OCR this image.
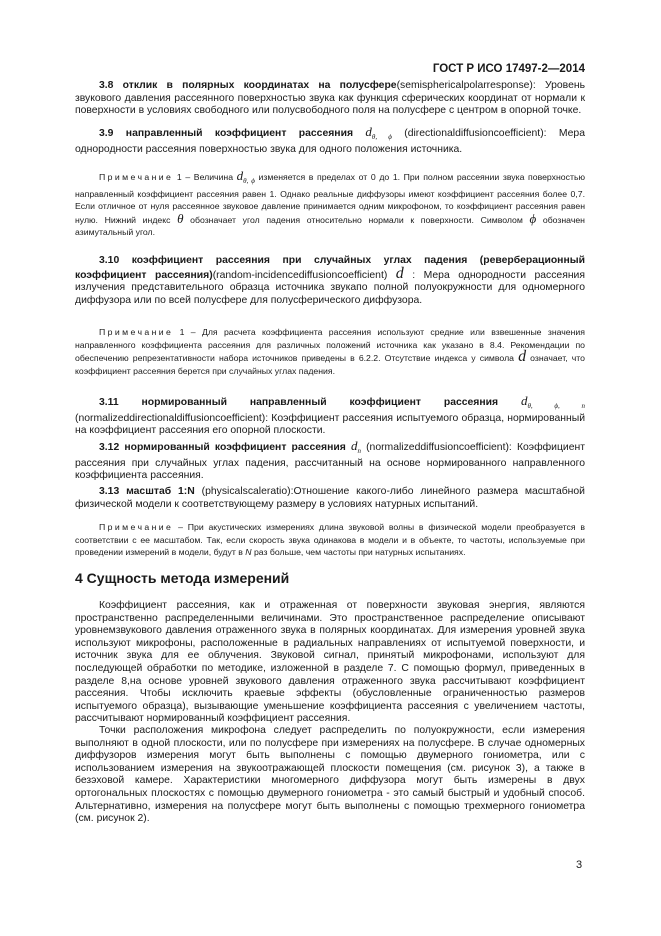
ГОСТ Р ИСО 17497-2—2014
3.8 отклик в полярных координатах на полусфере(semisphericalpolarresponse): Уровень звукового давления рассеянного поверхностью звука как функция сферических координат от нормали к поверхности в условиях свободного или полусвободного поля на полусфере с центром в опорной точке.
3.9 направленный коэффициент рассеяния $d_{\theta, \phi}$ (directionaldiffusioncoefficient): Мера однородности рассеяния поверхностью звука для одного положения источника.
Примечание 1 – Величина $d_{\theta, \phi}$ изменяется в пределах от 0 до 1. При полном рассеянии звука поверхностью направленный коэффициент рассеяния равен 1. Однако реальные диффузоры имеют коэффициент рассеяния более 0,7. Если отличное от нуля рассеянное звуковое давление принимается одним микрофоном, то коэффициент рассеяния равен нулю. Нижний индекс θ обозначает угол падения относительно нормали к поверхности. Символом ϕ обозначен азимутальный угол.
3.10 коэффициент рассеяния при случайных углах падения (реверберационный коэффициент рассеяния)(random-incidencediffusioncoefficient) d : Мера однородности рассеяния излучения представительного образца источника звукапо полной полуокружности для одномерного диффузора или по всей полусфере для полусферического диффузора.
Примечание 1 – Для расчета коэффициента рассеяния используют средние или взвешенные значения направленного коэффициента рассеяния для различных положений источника как указано в 8.4. Рекомендации по обеспечению репрезентативности набора источников приведены в 6.2.2. Отсутствие индекса у символа d означает, что коэффициент рассеяния берется при случайных углах падения.
3.11 нормированный направленный коэффициент рассеяния $d_{\theta, \phi, n}$ (normalizeddirectionaldiffusioncoefficient): Коэффициент рассеяния испытуемого образца, нормированный на коэффициент рассеяния его опорной плоскости.
3.12 нормированный коэффициент рассеяния $d_n$ (normalizeddiffusioncoefficient): Коэффициент рассеяния при случайных углах падения, рассчитанный на основе нормированного направленного коэффициента рассеяния.
3.13 масштаб 1:N (physicalscaleratio):Отношение какого-либо линейного размера масштабной физической модели к соответствующему размеру в условиях натурных испытаний.
Примечание – При акустических измерениях длина звуковой волны в физической модели преобразуется в соответствии с ее масштабом. Так, если скорость звука одинакова в модели и в объекте, то частоты, используемые при проведении измерений в модели, будут в N раз больше, чем частоты при натурных испытаниях.
4 Сущность метода измерений
Коэффициент рассеяния, как и отраженная от поверхности звуковая энергия, являются пространственно распределенными величинами. Это пространственное распределение описывают уровнемзвукового давления отраженного звука в полярных координатах. Для измерения уровней звука используют микрофоны, расположенные в радиальных направлениях от испытуемой поверхности, и источник звука для ее облучения. Звуковой сигнал, принятый микрофонами, используют для последующей обработки по методике, изложенной в разделе 7. С помощью формул, приведенных в разделе 8,на основе уровней звукового давления отраженного звука рассчитывают коэффициент рассеяния. Чтобы исключить краевые эффекты (обусловленные ограниченностью размеров испытуемого образца), вызывающие уменьшение коэффициента рассеяния с увеличением частоты, рассчитывают нормированный коэффициент рассеяния.
Точки расположения микрофона следует распределить по полуокружности, если измерения выполняют в одной плоскости, или по полусфере при измерениях на полусфере. В случае одномерных диффузоров измерения могут быть выполнены с помощью двумерного гониометра, или с использованием измерения на звукоотражающей плоскости помещения (см. рисунок 3), а также в безэховой камере. Характеристики многомерного диффузора могут быть измерены в двух ортогональных плоскостях с помощью двумерного гониометра - это самый быстрый и удобный способ. Альтернативно, измерения на полусфере могут быть выполнены с помощью трехмерного гониометра (см. рисунок 2).
3
